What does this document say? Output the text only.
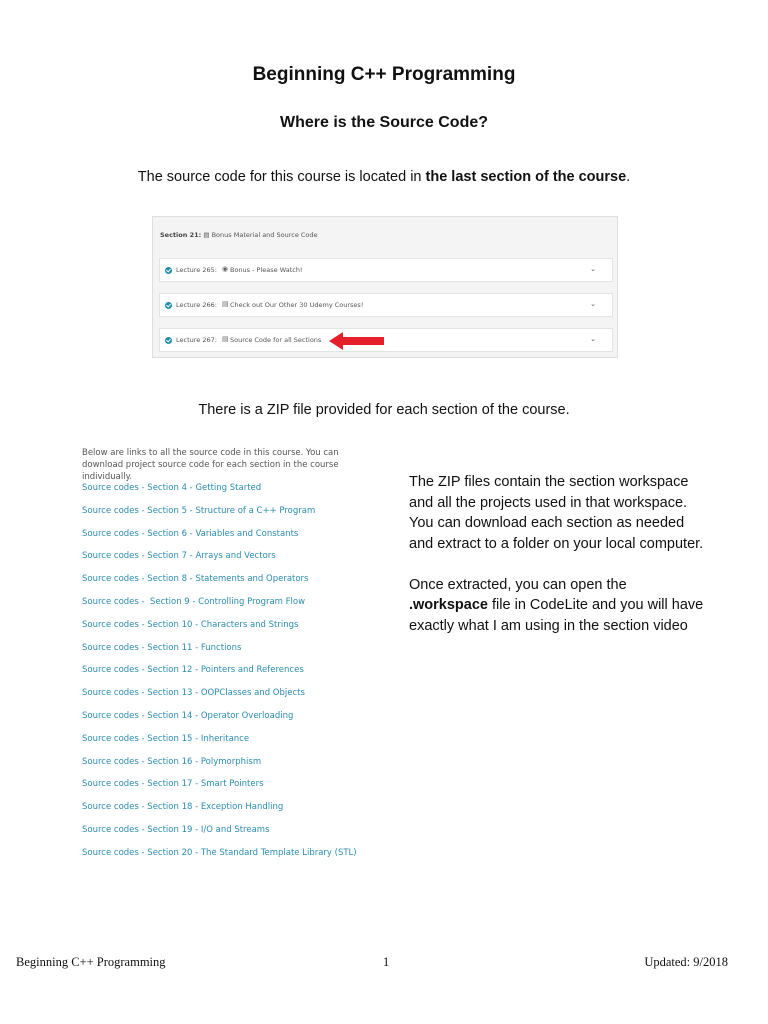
Beginning C++ Programming
Where is the Source Code?
The source code for this course is located in the last section of the course.
Section 21: ▤ Bonus Material and Source Code
Lecture 265: ◉ Bonus - Please Watch!	⌄
Lecture 266: ▤ Check out Our Other 30 Udemy Courses!	⌄
Lecture 267: ▤ Source Code for all Sections	⌄
There is a ZIP file provided for each section of the course.
Below are links to all the source code in this course. You can download project source code for each section in the course individually.
Source codes - Section 4 - Getting Started
Source codes - Section 5 - Structure of a C++ Program
Source codes - Section 6 - Variables and Constants
Source codes - Section 7 - Arrays and Vectors
Source codes - Section 8 - Statements and Operators
Source codes -  Section 9 - Controlling Program Flow
Source codes - Section 10 - Characters and Strings
Source codes - Section 11 - Functions
Source codes - Section 12 - Pointers and References
Source codes - Section 13 - OOPClasses and Objects
Source codes - Section 14 - Operator Overloading
Source codes - Section 15 - Inheritance
Source codes - Section 16 - Polymorphism
Source codes - Section 17 - Smart Pointers
Source codes - Section 18 - Exception Handling
Source codes - Section 19 - I/O and Streams
Source codes - Section 20 - The Standard Template Library (STL)

The ZIP files contain the section workspace and all the projects used in that workspace. You can download each section as needed and extract to a folder on your local computer.

Once extracted, you can open the .workspace file in CodeLite and you will have exactly what I am using in the section video

Beginning C++ Programming	1	Updated: 9/2018
